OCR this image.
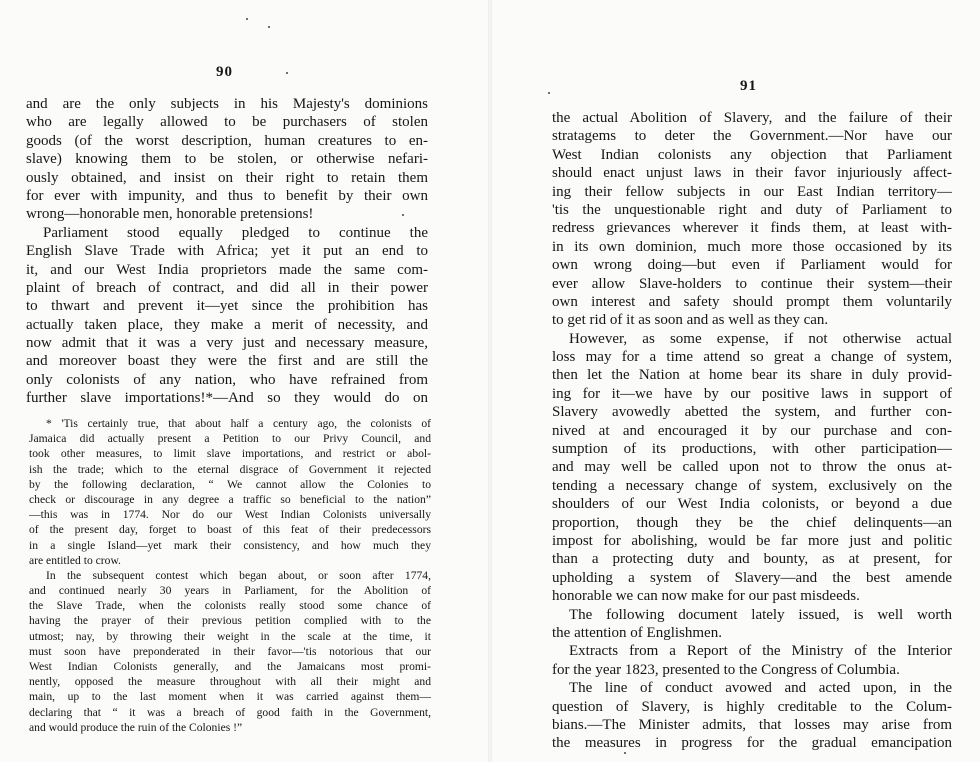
90
and are the only subjects in his Majesty's dominions
who are legally allowed to be purchasers of stolen
goods (of the worst description, human creatures to en-
slave) knowing them to be stolen, or otherwise nefari-
ously obtained, and insist on their right to retain them
for ever with impunity, and thus to benefit by their own
wrong—honorable men, honorable pretensions!
Parliament stood equally pledged to continue the
English Slave Trade with Africa; yet it put an end to
it, and our West India proprietors made the same com-
plaint of breach of contract, and did all in their power
to thwart and prevent it—yet since the prohibition has
actually taken place, they make a merit of necessity, and
now admit that it was a very just and necessary measure,
and moreover boast they were the first and are still the
only colonists of any nation, who have refrained from
further slave importations!*—And so they would do on
* 'Tis certainly true, that about half a century ago, the colonists of
Jamaica did actually present a Petition to our Privy Council, and
took other measures, to limit slave importations, and restrict or abol-
ish the trade; which to the eternal disgrace of Government it rejected
by the following declaration, “ We cannot allow the Colonies to
check or discourage in any degree a traffic so beneficial to the nation”
—this was in 1774. Nor do our West Indian Colonists universally
of the present day, forget to boast of this feat of their predecessors
in a single Island—yet mark their consistency, and how much they
are entitled to crow.
In the subsequent contest which began about, or soon after 1774,
and continued nearly 30 years in Parliament, for the Abolition of
the Slave Trade, when the colonists really stood some chance of
having the prayer of their previous petition complied with to the
utmost; nay, by throwing their weight in the scale at the time, it
must soon have preponderated in their favor—'tis notorious that our
West Indian Colonists generally, and the Jamaicans most promi-
nently, opposed the measure throughout with all their might and
main, up to the last moment when it was carried against them—
declaring that “ it was a breach of good faith in the Government,
and would produce the ruin of the Colonies !”
91
the actual Abolition of Slavery, and the failure of their
stratagems to deter the Government.—Nor have our
West Indian colonists any objection that Parliament
should enact unjust laws in their favor injuriously affect-
ing their fellow subjects in our East Indian territory—
'tis the unquestionable right and duty of Parliament to
redress grievances wherever it finds them, at least with-
in its own dominion, much more those occasioned by its
own wrong doing—but even if Parliament would for
ever allow Slave-holders to continue their system—their
own interest and safety should prompt them voluntarily
to get rid of it as soon and as well as they can.
However, as some expense, if not otherwise actual
loss may for a time attend so great a change of system,
then let the Nation at home bear its share in duly provid-
ing for it—we have by our positive laws in support of
Slavery avowedly abetted the system, and further con-
nived at and encouraged it by our purchase and con-
sumption of its productions, with other participation—
and may well be called upon not to throw the onus at-
tending a necessary change of system, exclusively on the
shoulders of our West India colonists, or beyond a due
proportion, though they be the chief delinquents—an
impost for abolishing, would be far more just and politic
than a protecting duty and bounty, as at present, for
upholding a system of Slavery—and the best amende
honorable we can now make for our past misdeeds.
The following document lately issued, is well worth
the attention of Englishmen.
Extracts from a Report of the Ministry of the Interior
for the year 1823, presented to the Congress of Columbia.
The line of conduct avowed and acted upon, in the
question of Slavery, is highly creditable to the Colum-
bians.—The Minister admits, that losses may arise from
the measures in progress for the gradual emancipation
